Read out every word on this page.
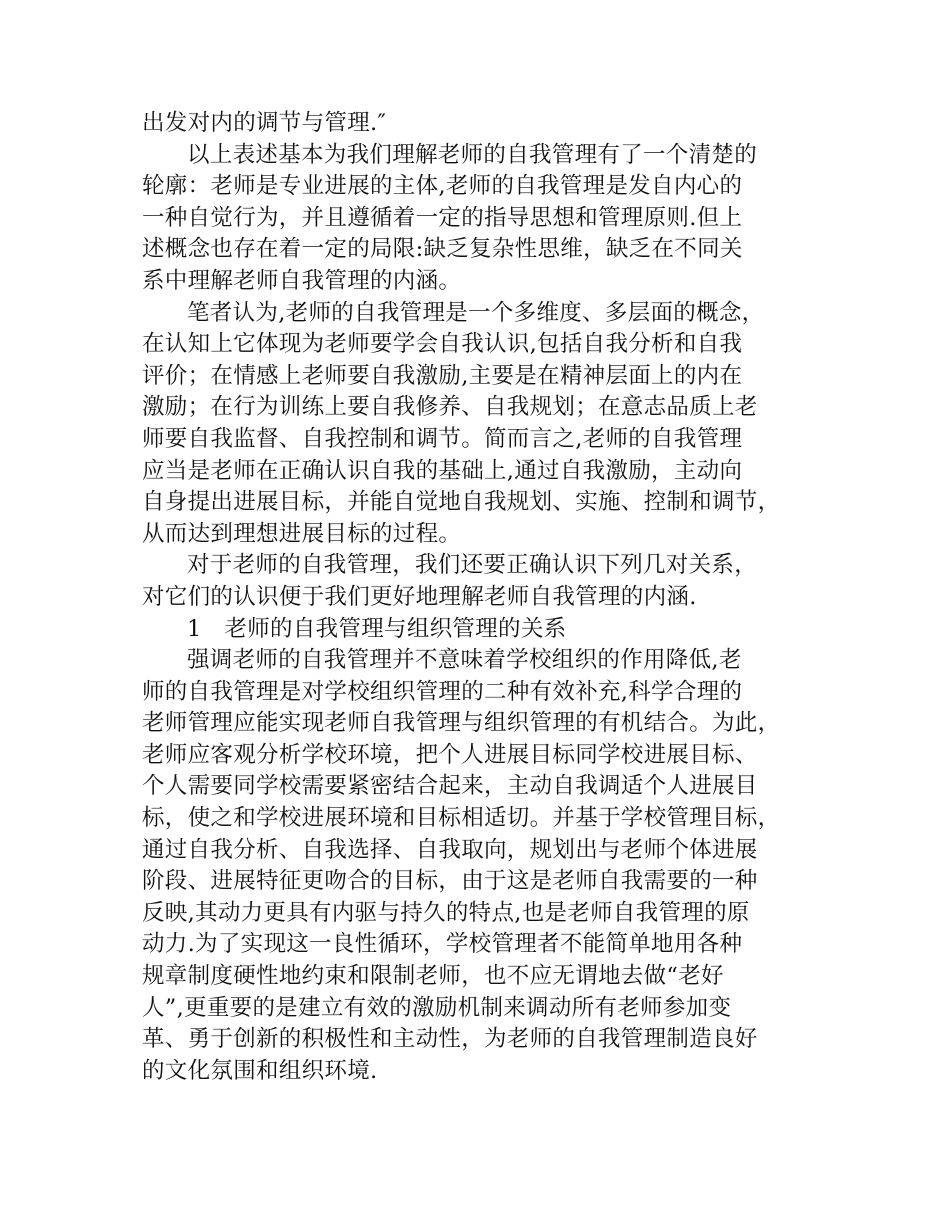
出发对内的调节与管理.″
以上表述基本为我们理解老师的自我管理有了一个清楚的
轮廓：老师是专业进展的主体,老师的自我管理是发自内心的
一种自觉行为，并且遵循着一定的指导思想和管理原则.但上
述概念也存在着一定的局限:缺乏复杂性思维，缺乏在不同关
系中理解老师自我管理的内涵。
笔者认为,老师的自我管理是一个多维度、多层面的概念，
在认知上它体现为老师要学会自我认识,包括自我分析和自我
评价；在情感上老师要自我激励,主要是在精神层面上的内在
激励；在行为训练上要自我修养、自我规划；在意志品质上老
师要自我监督、自我控制和调节。简而言之,老师的自我管理
应当是老师在正确认识自我的基础上,通过自我激励，主动向
自身提出进展目标，并能自觉地自我规划、实施、控制和调节，
从而达到理想进展目标的过程。
对于老师的自我管理，我们还要正确认识下列几对关系，
对它们的认识便于我们更好地理解老师自我管理的内涵.
1　老师的自我管理与组织管理的关系
强调老师的自我管理并不意味着学校组织的作用降低,老
师的自我管理是对学校组织管理的二种有效补充,科学合理的
老师管理应能实现老师自我管理与组织管理的有机结合。为此，
老师应客观分析学校环境，把个人进展目标同学校进展目标、
个人需要同学校需要紧密结合起来，主动自我调适个人进展目
标，使之和学校进展环境和目标相适切。并基于学校管理目标，
通过自我分析、自我选择、自我取向，规划出与老师个体进展
阶段、进展特征更吻合的目标，由于这是老师自我需要的一种
反映,其动力更具有内驱与持久的特点,也是老师自我管理的原
动力.为了实现这一良性循环，学校管理者不能简单地用各种
规章制度硬性地约束和限制老师，也不应无谓地去做“老好
人”,更重要的是建立有效的激励机制来调动所有老师参加变
革、勇于创新的积极性和主动性，为老师的自我管理制造良好
的文化氛围和组织环境.
